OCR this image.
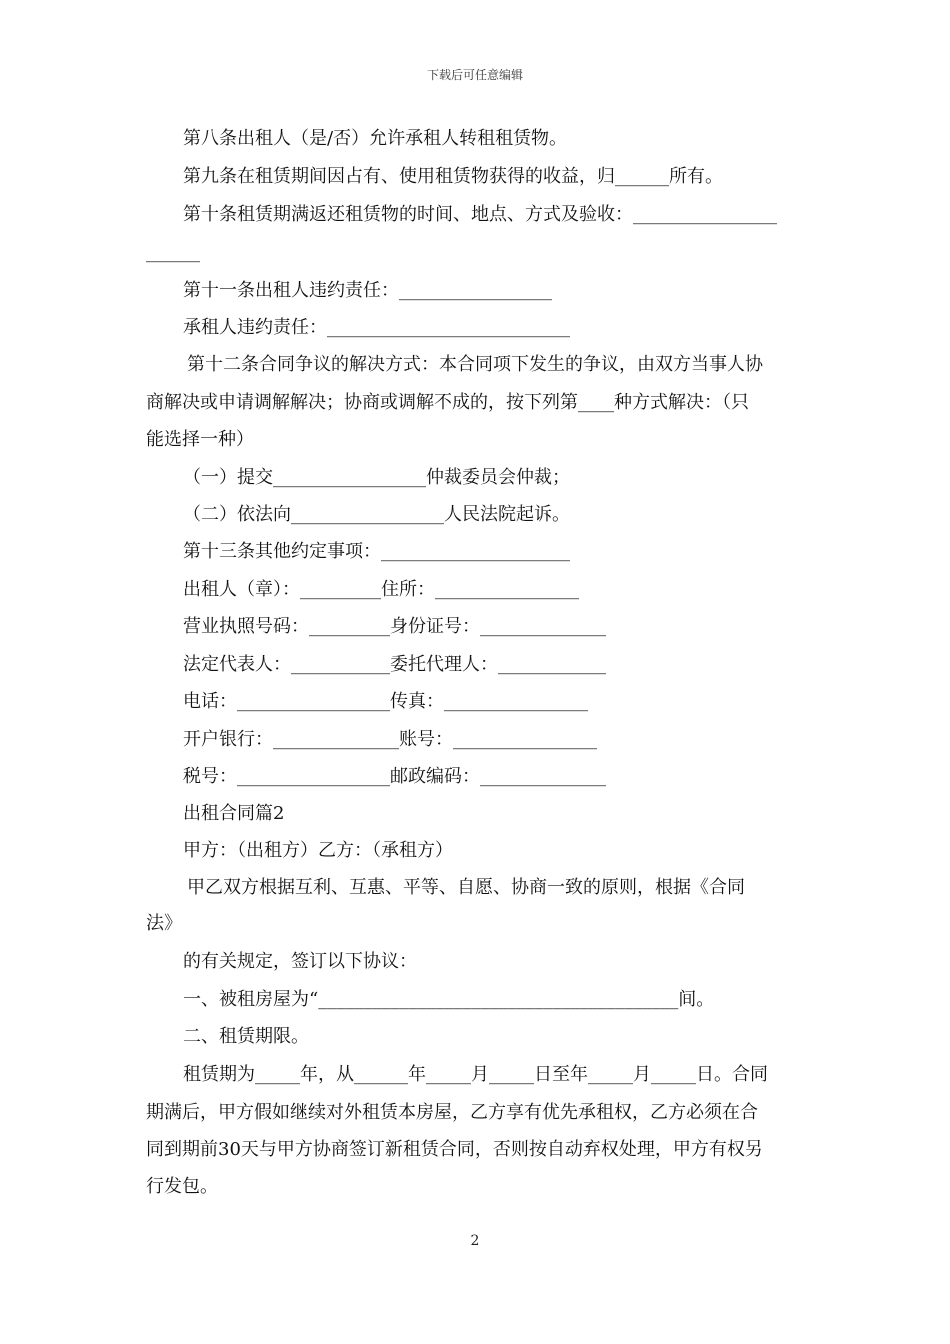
下载后可任意编辑
第八条出租人（是/否）允许承租人转租租赁物。
第九条在租赁期间因占有、使用租赁物获得的收益，归______所有。
第十条租赁期满返还租赁物的时间、地点、方式及验收：________________
______
第十一条出租人违约责任：_________________
承租人违约责任：___________________________
第十二条合同争议的解决方式：本合同项下发生的争议，由双方当事人协
商解决或申请调解解决；协商或调解不成的，按下列第____种方式解决：（只
能选择一种）
（一）提交_________________仲裁委员会仲裁；
（二）依法向_________________人民法院起诉。
第十三条其他约定事项：_____________________
出租人（章）：_________住所：________________
营业执照号码：_________身份证号：______________
法定代表人：___________委托代理人：____________
电话：_________________传真：________________
开户银行：______________账号：________________
税号：_________________邮政编码：______________
出租合同篇2
甲方：（出租方）乙方：（承租方）
甲乙双方根据互利、互惠、平等、自愿、协商一致的原则，根据《合同
法》
的有关规定，签订以下协议：
一、被租房屋为“________________________________________间。
二、租赁期限。
租赁期为_____年，从______年_____月_____日至年_____月_____日。合同
期满后，甲方假如继续对外租赁本房屋，乙方享有优先承租权，乙方必须在合
同到期前30天与甲方协商签订新租赁合同，否则按自动弃权处理，甲方有权另
行发包。
2
